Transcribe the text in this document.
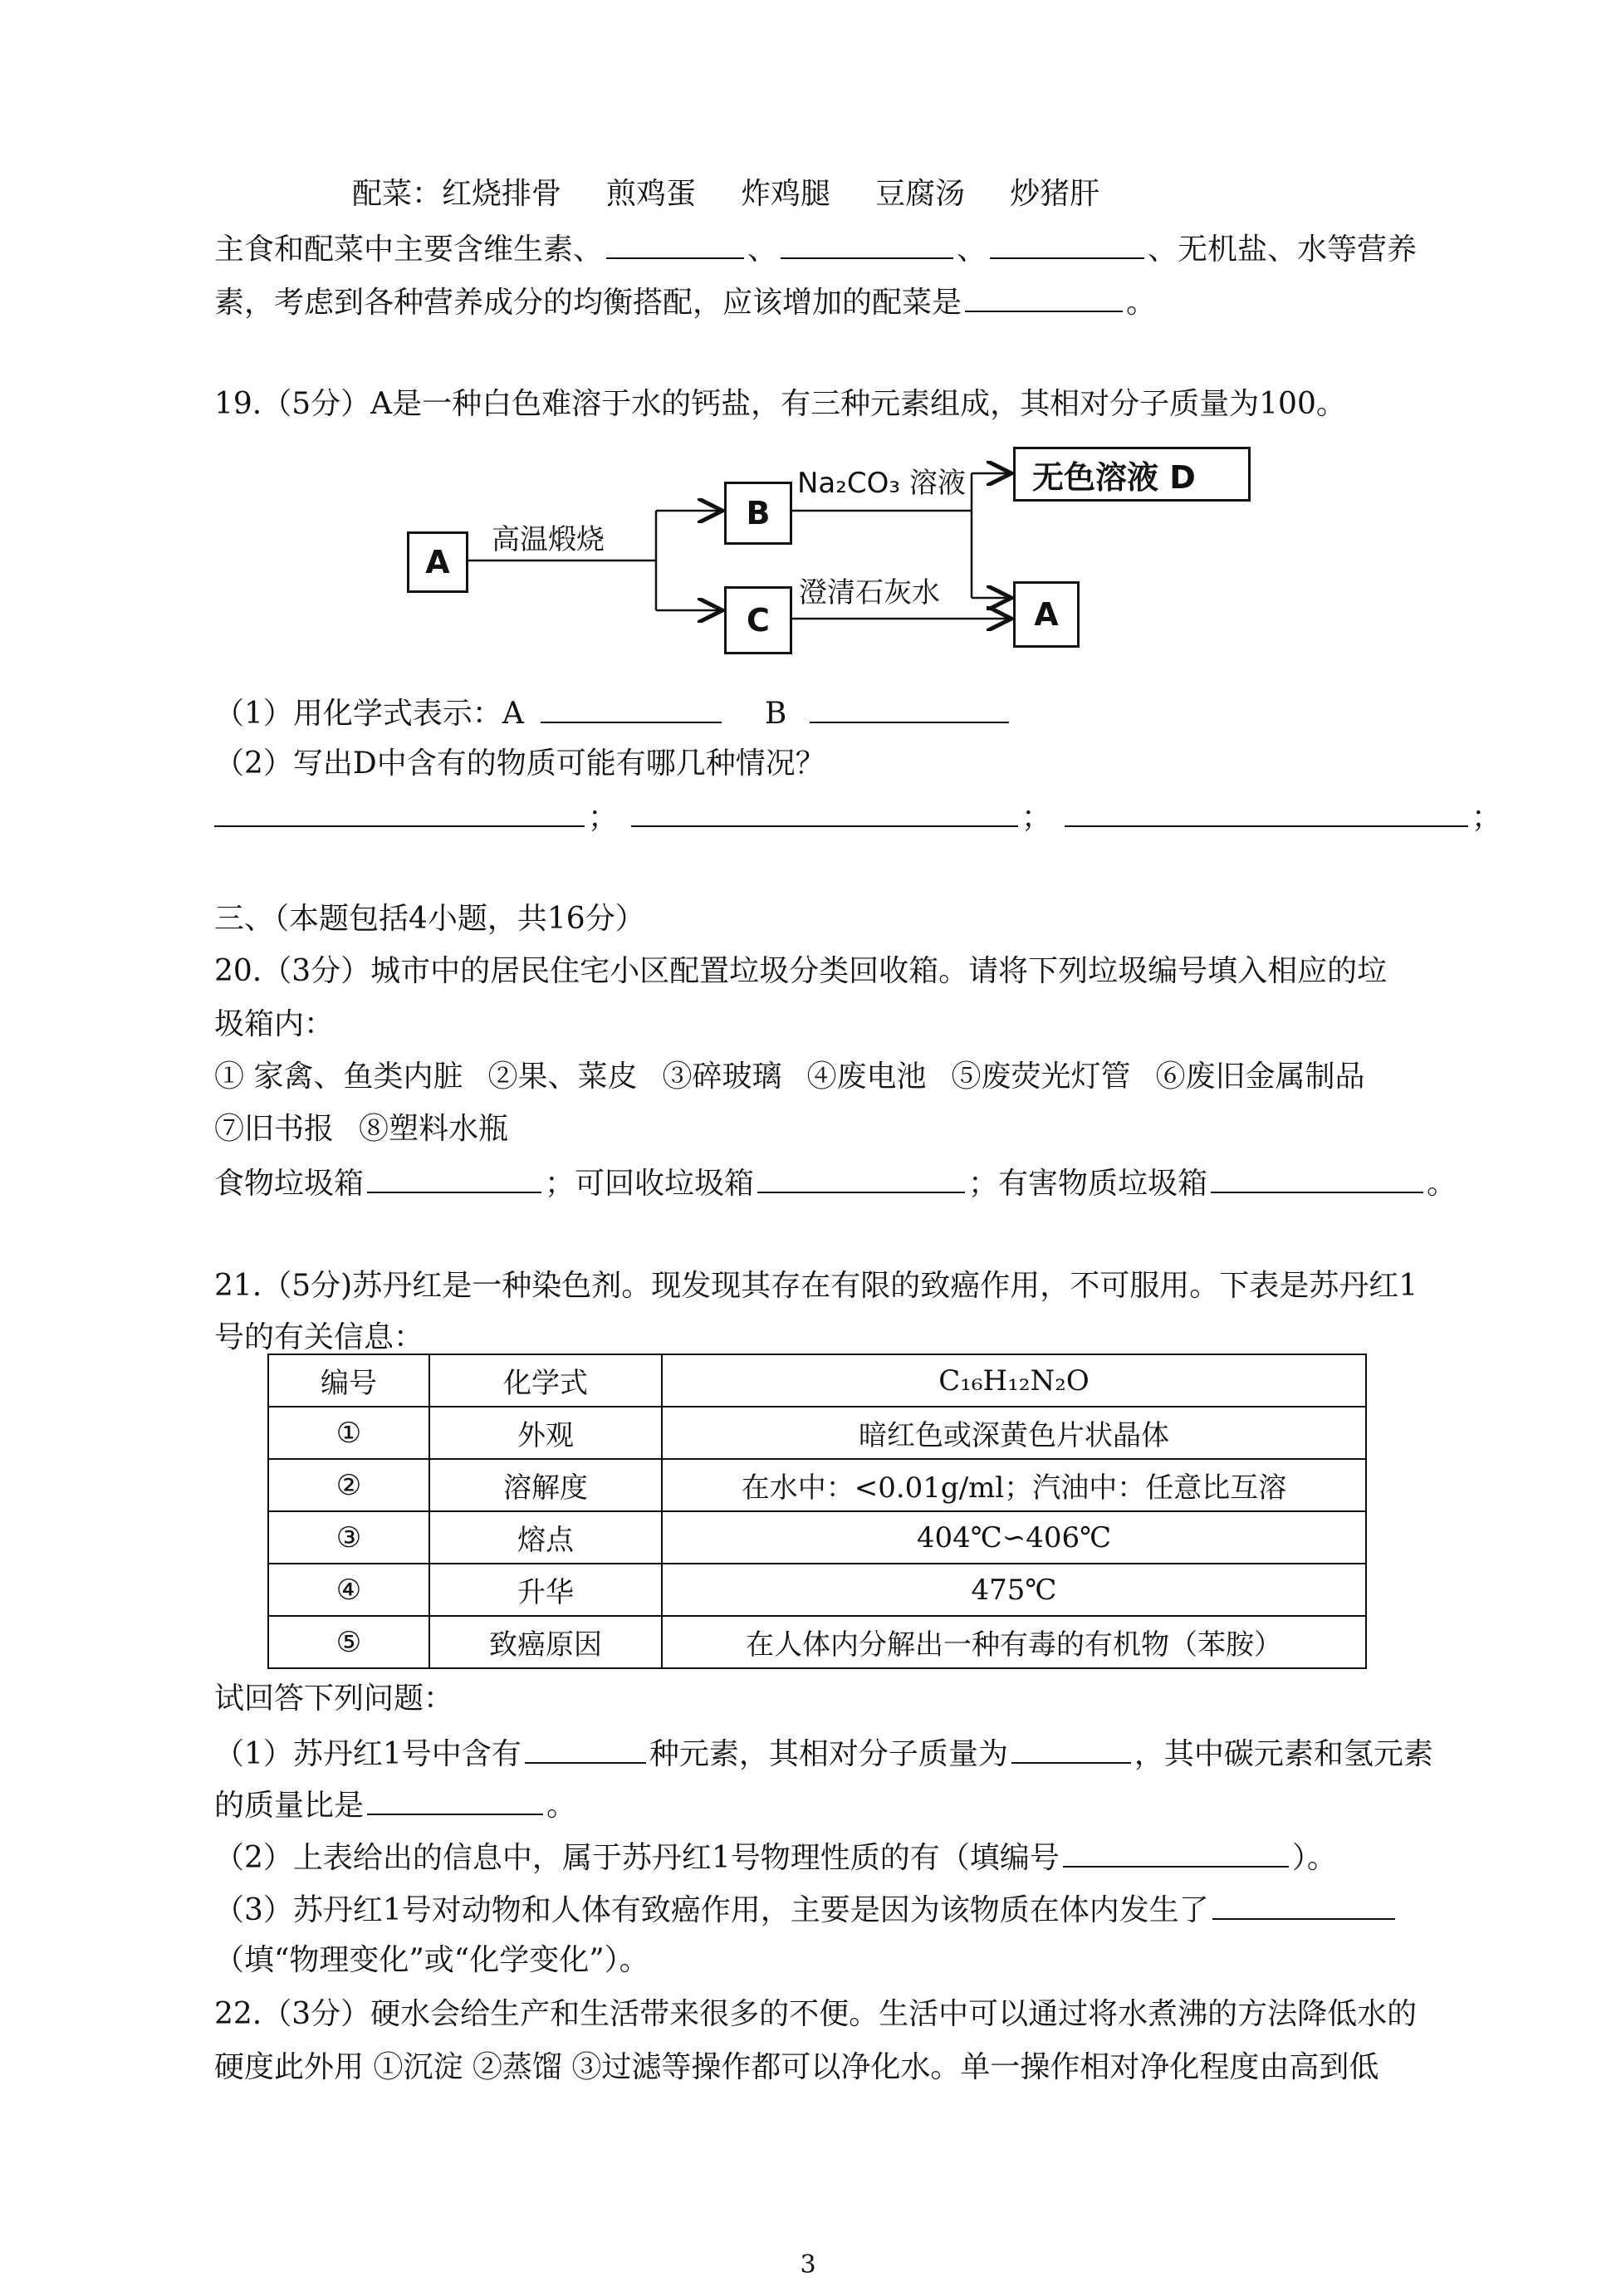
配菜：红烧排骨 煎鸡蛋 炸鸡腿 豆腐汤 炒猪肝
主食和配菜中主要含维生素、	、	、	、无机盐、水等营养
素，考虑到各种营养成分的均衡搭配，应该增加的配菜是	。
19.（5分）A是一种白色难溶于水的钙盐，有三种元素组成，其相对分子质量为100。
A
高温煅烧
B
C
Na₂CO₃ 溶液
澄清石灰水
无色溶液 D
A
（1）用化学式表示：A	B
（2）写出D中含有的物质可能有哪几种情况？
；	；	；
三、（本题包括4小题，共16分）
20.（3分）城市中的居民住宅小区配置垃圾分类回收箱。请将下列垃圾编号填入相应的垃
圾箱内：
① 家禽、鱼类内脏 ②果、菜皮 ③碎玻璃 ④废电池 ⑤废荧光灯管 ⑥废旧金属制品
⑦旧书报 ⑧塑料水瓶
食物垃圾箱	；可回收垃圾箱	；有害物质垃圾箱	。
21.（5分)苏丹红是一种染色剂。现发现其存在有限的致癌作用，不可服用。下表是苏丹红1
号的有关信息：
编号	化学式	C₁₆H₁₂N₂O
①	外观	暗红色或深黄色片状晶体
②	溶解度	在水中：<0.01g/ml；汽油中：任意比互溶
③	熔点	404℃∽406℃
④	升华	475℃
⑤	致癌原因	在人体内分解出一种有毒的有机物（苯胺）
试回答下列问题：
（1）苏丹红1号中含有	种元素，其相对分子质量为	，其中碳元素和氢元素
的质量比是	。
（2）上表给出的信息中，属于苏丹红1号物理性质的有（填编号	）。
（3）苏丹红1号对动物和人体有致癌作用，主要是因为该物质在体内发生了
（填“物理变化”或“化学变化”）。
22.（3分）硬水会给生产和生活带来很多的不便。生活中可以通过将水煮沸的方法降低水的
硬度此外用 ①沉淀 ②蒸馏 ③过滤等操作都可以净化水。单一操作相对净化程度由高到低
3
